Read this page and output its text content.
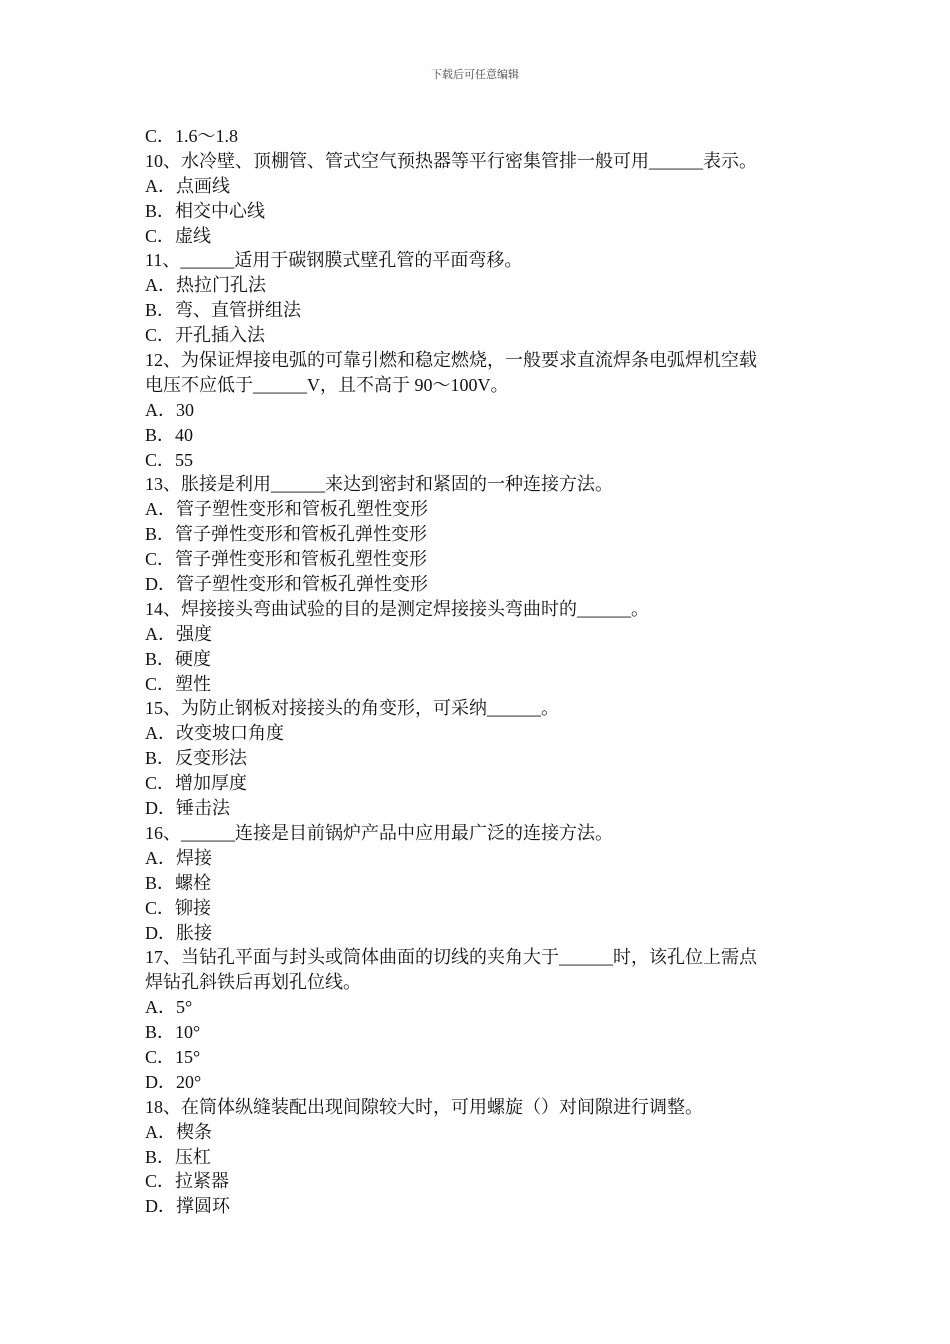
下载后可任意编辑
C．1.6～1.8
10、水冷壁、顶棚管、管式空气预热器等平行密集管排一般可用______表示。
A．点画线
B．相交中心线
C．虚线
11、______适用于碳钢膜式壁孔管的平面弯移。
A．热拉门孔法
B．弯、直管拼组法
C．开孔插入法
12、为保证焊接电弧的可靠引燃和稳定燃烧，一般要求直流焊条电弧焊机空载
电压不应低于______V，且不高于 90～100V。
A．30
B．40
C．55
13、胀接是利用______来达到密封和紧固的一种连接方法。
A．管子塑性变形和管板孔塑性变形
B．管子弹性变形和管板孔弹性变形
C．管子弹性变形和管板孔塑性变形
D．管子塑性变形和管板孔弹性变形
14、焊接接头弯曲试验的目的是测定焊接接头弯曲时的______。
A．强度
B．硬度
C．塑性
15、为防止钢板对接接头的角变形，可采纳______。
A．改变坡口角度
B．反变形法
C．增加厚度
D．锤击法
16、______连接是目前锅炉产品中应用最广泛的连接方法。
A．焊接
B．螺栓
C．铆接
D．胀接
17、当钻孔平面与封头或筒体曲面的切线的夹角大于______时，该孔位上需点
焊钻孔斜铁后再划孔位线。
A．5°
B．10°
C．15°
D．20°
18、在筒体纵缝装配出现间隙较大时，可用螺旋（）对间隙进行调整。
A．楔条
B．压杠
C．拉紧器
D．撑圆环
